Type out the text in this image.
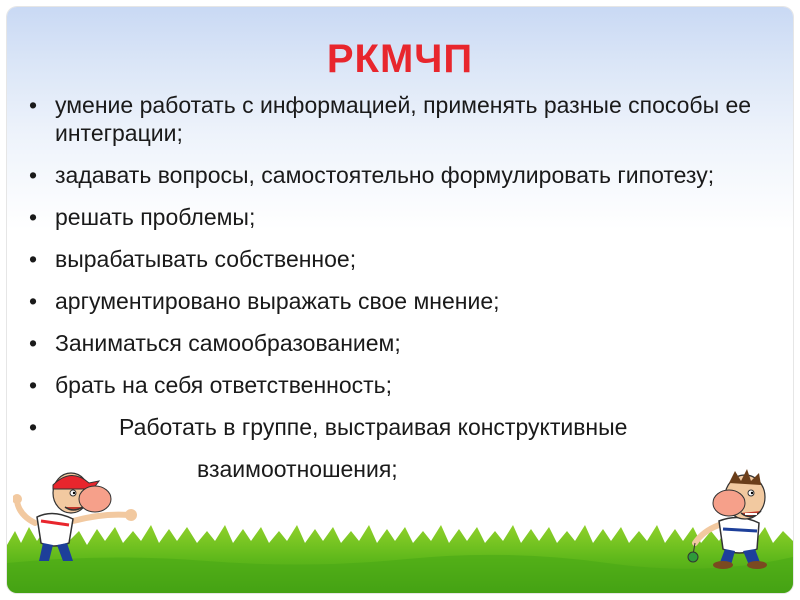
РКМЧП
• умение работать с информацией, применять разные способы ее интеграции;
• задавать вопросы, самостоятельно формулировать гипотезу;
• решать проблемы;
• вырабатывать собственное;
• аргументировано выражать свое мнение;
• Заниматься самообразованием;
• брать на себя ответственность;
•	Работать в группе, выстраивая конструктивные
взаимоотношения;
